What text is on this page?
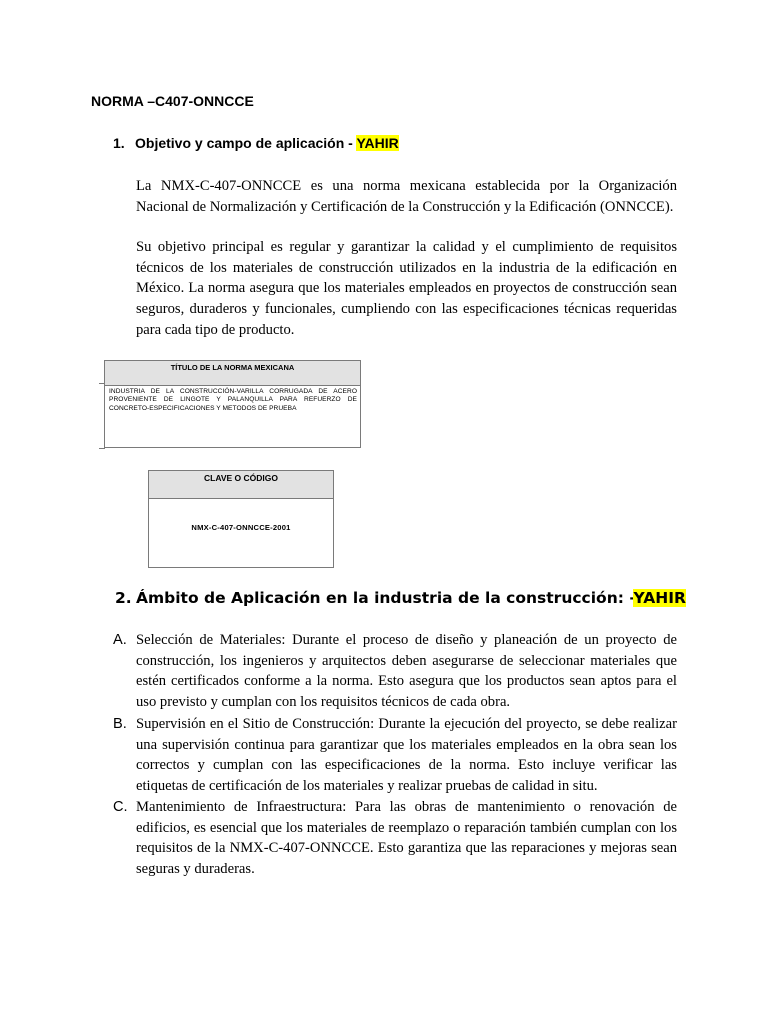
NORMA –C407-ONNCCE
1. Objetivo y campo de aplicación - YAHIR
La NMX-C-407-ONNCCE es una norma mexicana establecida por la Organización Nacional de Normalización y Certificación de la Construcción y la Edificación (ONNCCE).
Su objetivo principal es regular y garantizar la calidad y el cumplimiento de requisitos técnicos de los materiales de construcción utilizados en la industria de la edificación en México. La norma asegura que los materiales empleados en proyectos de construcción sean seguros, duraderos y funcionales, cumpliendo con las especificaciones técnicas requeridas para cada tipo de producto.
TÍTULO DE LA NORMA MEXICANA
INDUSTRIA DE LA CONSTRUCCIÓN-VARILLA CORRUGADA DE ACERO PROVENIENTE DE LINGOTE Y PALANQUILLA PARA REFUERZO DE CONCRETO-ESPECIFICACIONES Y METODOS DE PRUEBA
CLAVE O CÓDIGO
NMX-C-407-ONNCCE-2001
2. Ámbito de Aplicación en la industria de la construcción: -YAHIR
A. Selección de Materiales: Durante el proceso de diseño y planeación de un proyecto de construcción, los ingenieros y arquitectos deben asegurarse de seleccionar materiales que estén certificados conforme a la norma. Esto asegura que los productos sean aptos para el uso previsto y cumplan con los requisitos técnicos de cada obra.
B. Supervisión en el Sitio de Construcción: Durante la ejecución del proyecto, se debe realizar una supervisión continua para garantizar que los materiales empleados en la obra sean los correctos y cumplan con las especificaciones de la norma. Esto incluye verificar las etiquetas de certificación de los materiales y realizar pruebas de calidad in situ.
C. Mantenimiento de Infraestructura: Para las obras de mantenimiento o renovación de edificios, es esencial que los materiales de reemplazo o reparación también cumplan con los requisitos de la NMX-C-407-ONNCCE. Esto garantiza que las reparaciones y mejoras sean seguras y duraderas.
